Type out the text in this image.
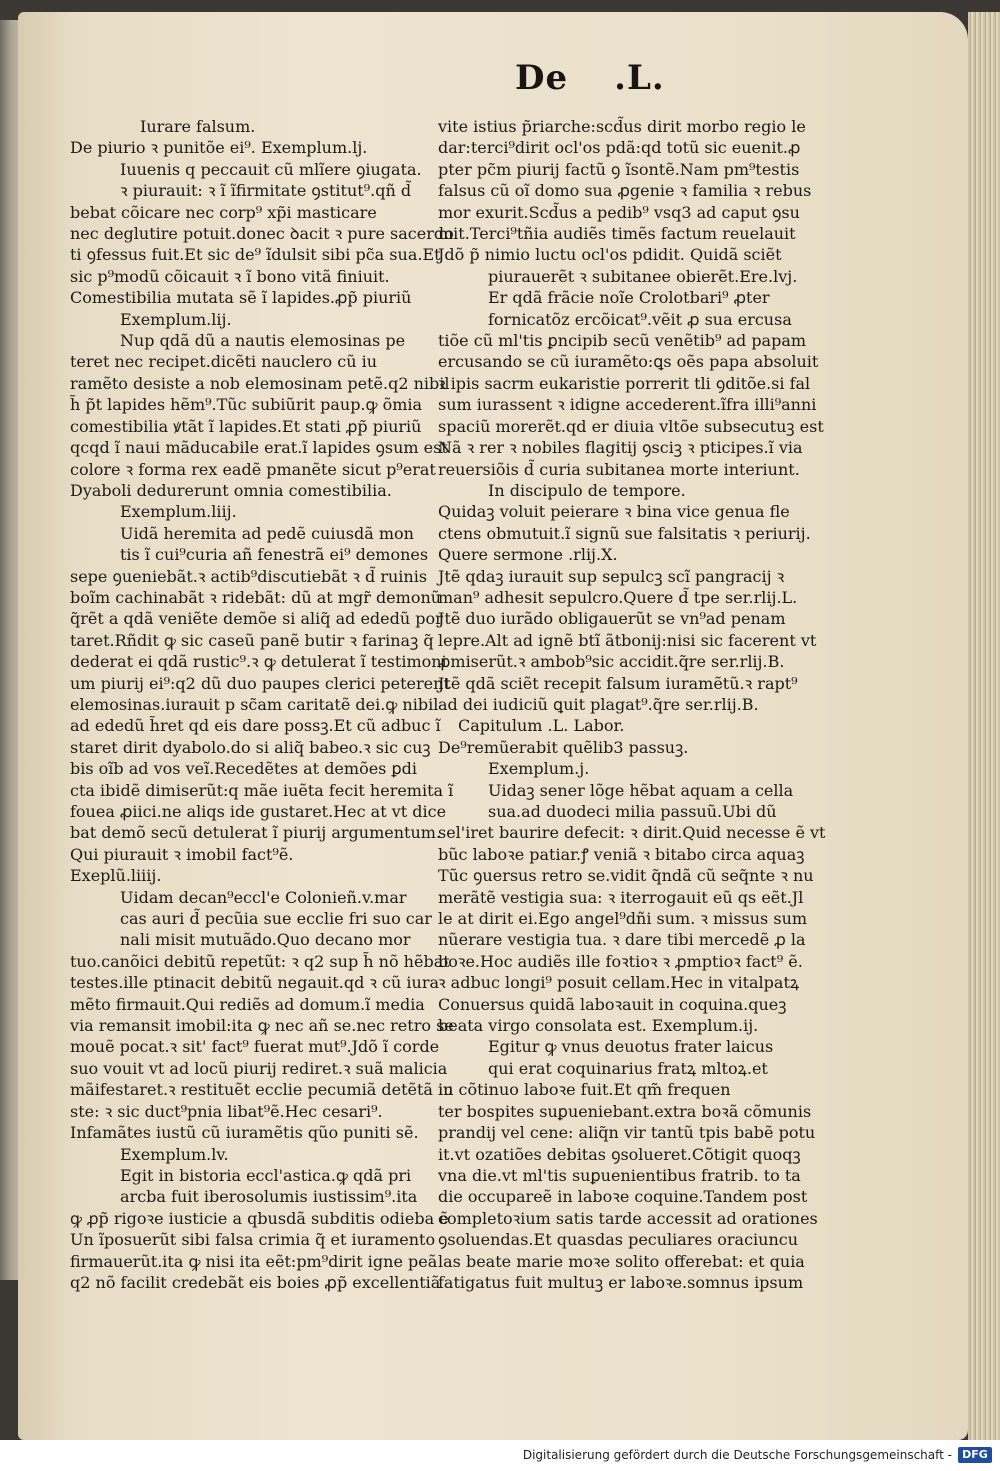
De .L.
Iurare falsum.
De piurio ꝛ punitõe ei⁹. Exemplum.lj.
Iuuenis q peccauit cũ mlĩere ꝯiugata.
ꝛ piurauit: ꝛ ĩ ĩfirmitate ꝯstitut⁹.qñ d̃
bebat cõicare nec corp⁹ xp̃i masticare
nec deglutire potuit.donec ꝺacit ꝛ pure sacerdo
ti ꝯfessus fuit.Et sic de⁹ ĩdulsit sibi pc̃a sua.Et
sic p⁹modũ cõicauit ꝛ ĩ bono vitã finiuit.
Comestibilia mutata sẽ ĩ lapides.ꝓp̃ piuriũ
Exemplum.lij.
Nup qdã dũ a nautis elemosinas pe
teret nec recipet.dicẽti nauclero cũ iu
ramẽto desiste a nob elemosinam petẽ.q2 nibil
h̃ p̃t lapides hẽm⁹.Tũc subiũrit paup.ꝙ õmia
comestibilia ꝟtãt ĩ lapides.Et stati ꝓp̃ piuriũ
qcqd ĩ naui mãducabile erat.ĩ lapides ꝯsum est
colore ꝛ forma rex eadẽ pmanẽte sicut p⁹erat
Dyaboli dedurerunt omnia comestibilia.
Exemplum.liij.
Uidã heremita ad pedẽ cuiusdã mon
tis ĩ cui⁹curia añ fenestrã ei⁹ demones
sepe ꝯueniebãt.ꝛ actib⁹discutiebãt ꝛ d̃ ruinis
boĩm cachinabãt ꝛ ridebãt: dũ at mgr̃ demonũ
q̃rẽt a qdã veniẽte demõe si aliq̃ ad ededũ por
taret.Rñdit ꝙ sic caseũ panẽ butir ꝛ farinaꝫ q̃
dederat ei qdã rustic⁹.ꝛ ꝙ detulerat ĩ testimoni
um piurij ei⁹:q2 dũ duo paupes clerici peterent
elemosinas.iurauit p sc̃am caritatẽ dei.ꝙ nibil
ad ededũ h̃ret qd eis dare possꝫ.Et cũ adbuc ĩ
staret dirit dyabolo.do si aliq̃ babeo.ꝛ sic cuꝫ
bis oĩb ad vos veĩ.Recedẽtes at demões ꝑdi
cta ibidẽ dimiserũt:q mãe iuẽta fecit heremita ĩ
fouea ꝓiici.ne aliqs ide gustaret.Hec at vt dice
bat demõ secũ detulerat ĩ piurij argumentum.
Qui piurauit ꝛ imobil fact⁹ẽ.
Exeplũ.liiij.
Uidam decan⁹eccl'e Colonieñ.v.mar
cas auri d̃ pecũia sue ecclie fri suo car
nali misit mutuãdo.Quo decano mor
tuo.canõici debitũ repetũt: ꝛ q2 sup h̃ nõ hẽbat
testes.ille ptinacit debitũ negauit.qd ꝛ cũ iura
mẽto firmauit.Qui rediẽs ad domum.ĩ media
via remansit imobil:ita ꝙ nec añ se.nec retro se
mouẽ pocat.ꝛ sit' fact⁹ fuerat mut⁹.Jdõ ĩ corde
suo vouit vt ad locũ piurij rediret.ꝛ suã malicia
mãifestaret.ꝛ restituẽt ecclie pecumiã detẽtã iu
ste: ꝛ sic duct⁹pnia libat⁹ẽ.Hec cesari⁹.
Infamãtes iustũ cũ iuramẽtis qũo puniti sẽ.
Exemplum.lv.
Egit in bistoria eccl'astica.ꝙ qdã pri
arcba fuit iberosolumis iustissim⁹.ita
ꝙ ꝓp̃ rigoꝛe iusticie a qbusdã subditis odieba ẽ
Un ĩposuerũt sibi falsa crimia q̃ et iuramento
firmauerũt.ita ꝙ nisi ita eẽt:pm⁹dirit igne peã
q2 nõ facilit credebãt eis boies ꝓp̃ excellentiã
vite istius p̃riarche:scd̃us dirit morbo regio le
dar:terci⁹dirit ocl'os pdã:qd totũ sic euenit.ꝓ
pter pc̃m piurij factũ ꝯ ĩsontẽ.Nam pm⁹testis
falsus cũ oĩ domo sua ꝓgenie ꝛ familia ꝛ rebus
mor exurit.Scd̃us a pedib⁹ vsq3 ad caput ꝯsu
mit.Terci⁹tñia audiẽs timẽs factum reuelauit
Jdõ p̃ nimio luctu ocl'os pdidit. Quidã sciẽt
piurauerẽt ꝛ subitanee obierẽt.Ere.lvj.
Er qdã frãcie noĩe Crolotbari⁹ ꝓter
fornicatõz ercõicat⁹.vẽit ꝓ sua ercusa
tiõe cũ ml'tis ꝑncipib secũ venẽtib⁹ ad papam
ercusando se cũ iuramẽto:ꝗs oẽs papa absoluit
ꝛ ipis sacrm eukaristie porrerit tli ꝯditõe.si fal
sum iurassent ꝛ idigne accederent.ĩfra illi⁹anni
spaciũ morerẽt.qd er diuia vltõe subsecutuꝫ est
Nã ꝛ rer ꝛ nobiles flagitij ꝯsciꝫ ꝛ pticipes.ĩ via
reuersiõis d̃ curia subitanea morte interiunt.
In discipulo de tempore.
Quidaꝫ voluit peierare ꝛ bina vice genua fle
ctens obmutuit.ĩ signũ sue falsitatis ꝛ periurij.
Quere sermone .rlij.X.
Jtẽ qdaꝫ iurauit sup sepulcꝫ scĩ pangracij ꝛ
man⁹ adhesit sepulcro.Quere d̃ tpe ser.rlij.L.
Jtẽ duo iurãdo obligauerũt se vn⁹ad penam
lepre.Alt ad ignẽ btĩ ãtbonij:nisi sic facerent vt
ꝓmiserũt.ꝛ ambob⁹sic accidit.q̃re ser.rlij.B.
Jtẽ qdã sciẽt recepit falsum iuramẽtũ.ꝛ rapt⁹
ad dei iudiciũ ꝗuit plagat⁹.q̃re ser.rlij.B.
Capitulum .L. Labor.
De⁹remũerabit quẽlib3 passuꝫ.
Exemplum.j.
Uidaꝫ sener lõge hẽbat aquam a cella
sua.ad duodeci milia passuũ.Ubi dũ
sel'iret baurire defecit: ꝛ dirit.Quid necesse ẽ vt
bũc laboꝛe patiar.ꝭ veniã ꝛ bitabo circa aquaꝫ
Tũc ꝯuersus retro se.vidit q̃ndã cũ seq̃nte ꝛ nu
merãtẽ vestigia sua: ꝛ iterrogauit eũ qs eẽt.Jl
le at dirit ei.Ego angel⁹dñi sum. ꝛ missus sum
nũerare vestigia tua. ꝛ dare tibi mercedẽ ꝓ la
boꝛe.Hoc audiẽs ille foꝛtioꝛ ꝛ ꝓmptioꝛ fact⁹ ẽ.
ꝛ adbuc longi⁹ posuit cellam.Hec in vitalpatꝝ
Conuersus quidã laboꝛauit in coquina.queꝫ
beata virgo consolata est. Exemplum.ij.
Egitur ꝙ vnus deuotus frater laicus
qui erat coquinarius fratꝝ mltoꝝ.et
in cõtinuo laboꝛe fuit.Et qm̃ frequen
ter bospites suꝑueniebant.extra boꝛã cõmunis
prandij vel cene: aliq̃n vir tantũ tpis babẽ potu
it.vt ozatiões debitas ꝯsolueret.Cõtigit quoqꝫ
vna die.vt ml'tis suꝑuenientibus fratrib. to ta
die occupareẽ in laboꝛe coquine.Tandem post
completoꝛium satis tarde accessit ad orationes
ꝯsoluendas.Et quasdas peculiares oraciuncu
las beate marie moꝛe solito offerebat: et quia
fatigatus fuit multuꝫ er laboꝛe.somnus ipsum
Digitalisierung gefördert durch die Deutsche Forschungsgemeinschaft - DFG
